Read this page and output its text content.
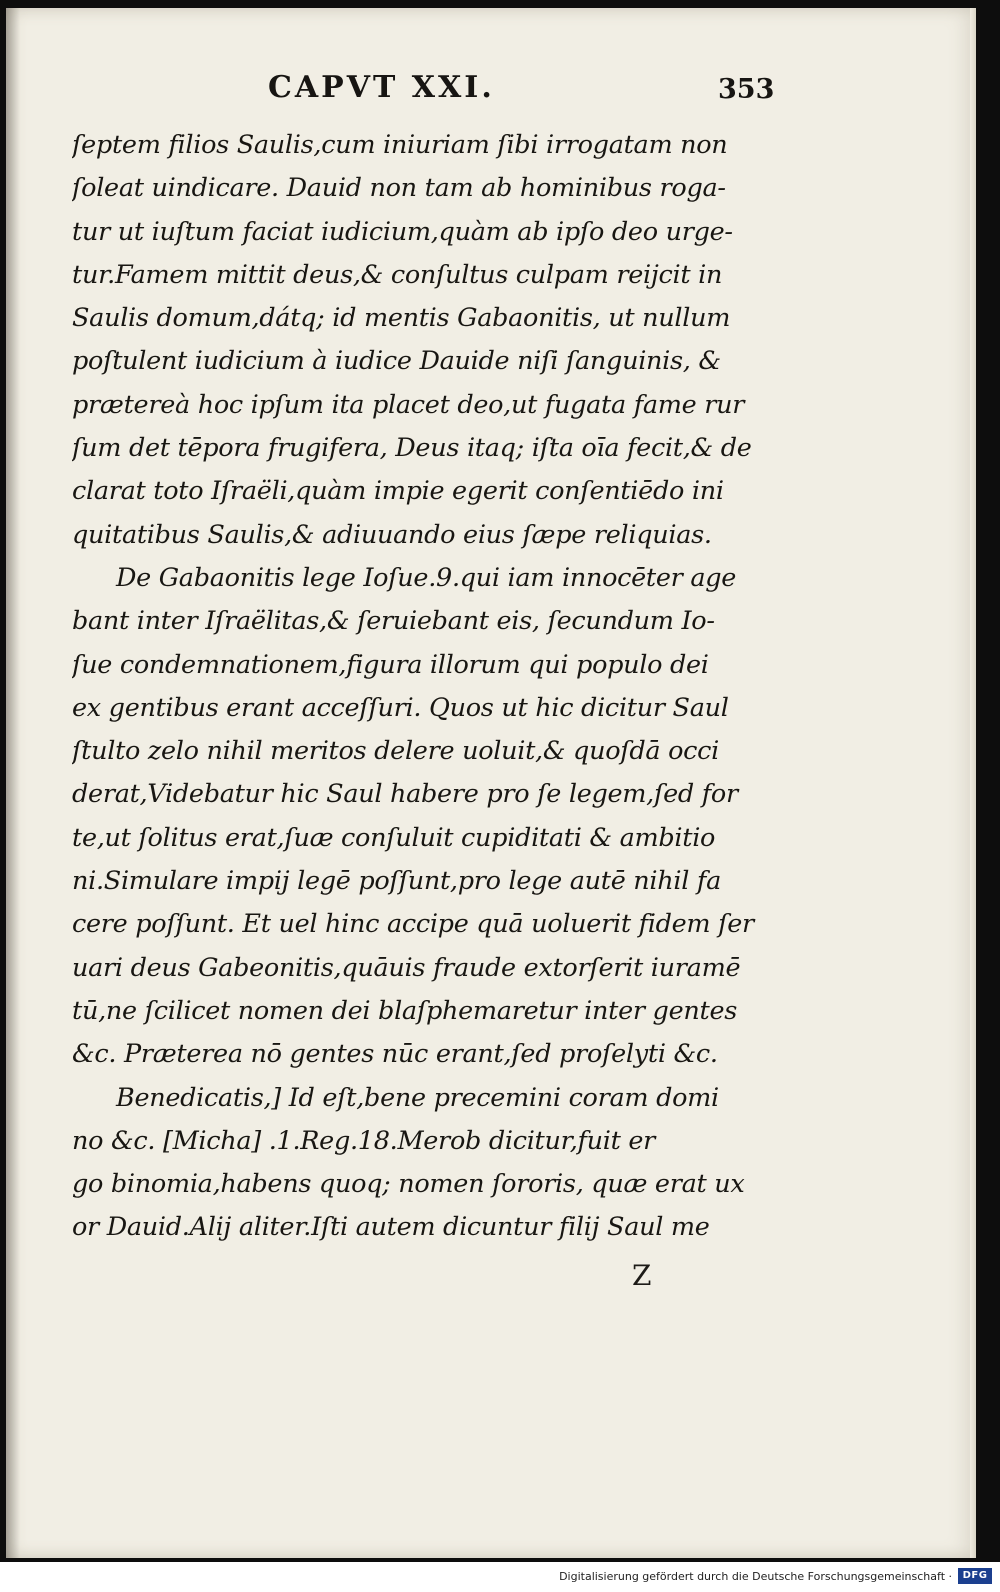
CAPVT XXI.	353
ſeptem filios Saulis,cum iniuriam ſibi irrogatam non
ſoleat uindicare. Dauid non tam ab hominibus roga-
tur ut iuſtum faciat iudicium,quàm ab ipſo deo urge-
tur.Famem mittit deus,& conſultus culpam reijcit in
Saulis domum,dátq; id mentis Gabaonitis, ut nullum
poſtulent iudicium à iudice Dauide niſi ſanguinis, &
prætereà hoc ipſum ita placet deo,ut fugata fame rur
ſum det tēpora frugifera, Deus itaq; iſta oīa fecit,& de
clarat toto Iſraëli,quàm impie egerit conſentiēdo ini
quitatibus Saulis,& adiuuando eius ſæpe reliquias.
De Gabaonitis lege Ioſue.9.qui iam innocēter age
bant inter Iſraëlitas,& ſeruiebant eis, ſecundum Io-
ſue condemnationem,figura illorum qui populo dei
ex gentibus erant acceſſuri. Quos ut hic dicitur Saul
ſtulto zelo nihil meritos delere uoluit,& quoſdā occi
derat,Videbatur hic Saul habere pro ſe legem,ſed for
te,ut ſolitus erat,ſuæ conſuluit cupiditati & ambitio
ni.Simulare impij legē poſſunt,pro lege autē nihil fa
cere poſſunt. Et uel hinc accipe quā uoluerit fidem ſer
uari deus Gabeonitis,quāuis fraude extorſerit iuramē
tū,ne ſcilicet nomen dei blaſphemaretur inter gentes
&c. Præterea nō gentes nūc erant,ſed proſelyti &c.
Benedicatis,] Id eſt,bene precemini coram domi
no &c. [Micha] .1.Reg.18.Merob dicitur,fuit er
go binomia,habens quoq; nomen ſororis, quæ erat ux
or Dauid.Alij aliter.Iſti autem dicuntur filij Saul me
Z
Digitalisierung gefördert durch die Deutsche Forschungsgemeinschaft ·	DFG
